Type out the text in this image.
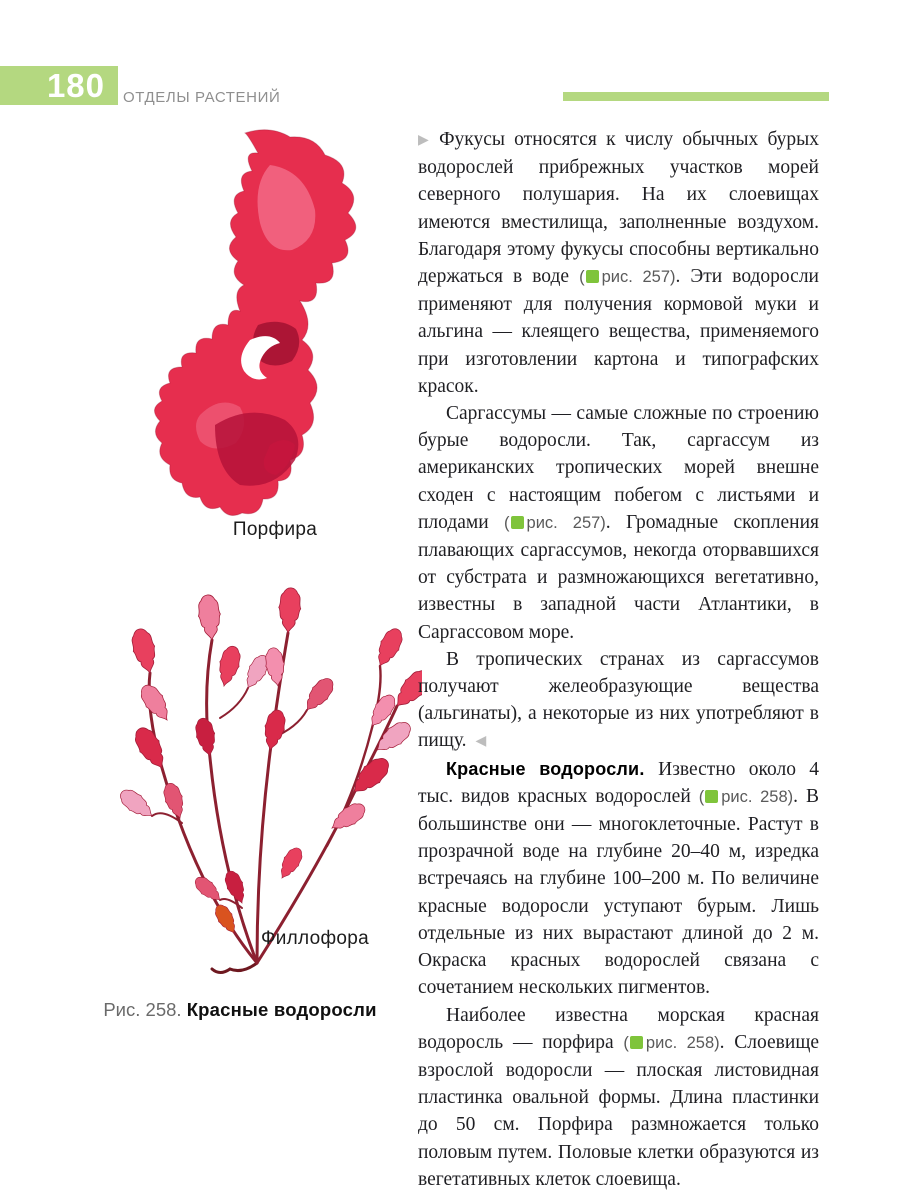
180	ОТДЕЛЫ РАСТЕНИЙ
Порфира
Филлофора
Рис. 258. Красные водоросли

▶ Фукусы относятся к числу обычных бурых водорослей прибрежных участков морей северного полушария. На их слоевищах имеются вместилища, заполненные воздухом. Благодаря этому фукусы способны вертикально держаться в воде ( рис. 257). Эти водоросли применяют для получения кормовой муки и альгина — клеящего вещества, применяемого при изготовлении картона и типографских красок.

Саргассумы — самые сложные по строению бурые водоросли. Так, саргассум из американских тропических морей внешне сходен с настоящим побегом с листьями и плодами ( рис. 257). Громадные скопления плавающих саргассумов, некогда оторвавшихся от субстрата и размножающихся вегетативно, известны в западной части Атлантики, в Саргассовом море.

В тропических странах из саргассумов получают желеобразующие вещества (альгинаты), а некоторые из них употребляют в пищу. ◀

Красные водоросли. Известно около 4 тыс. видов красных водорослей ( рис. 258). В большинстве они — многоклеточные. Растут в прозрачной воде на глубине 20–40 м, изредка встречаясь на глубине 100–200 м. По величине красные водоросли уступают бурым. Лишь отдельные из них вырастают длиной до 2 м. Окраска красных водорослей связана с сочетанием нескольких пигментов.

Наиболее известна морская красная водоросль — порфира ( рис. 258). Слоевище взрослой водоросли — плоская листовидная пластинка овальной формы. Длина пластинки до 50 см. Порфира размножается только половым путем. Половые клетки образуются из вегетативных клеток слоевища.
